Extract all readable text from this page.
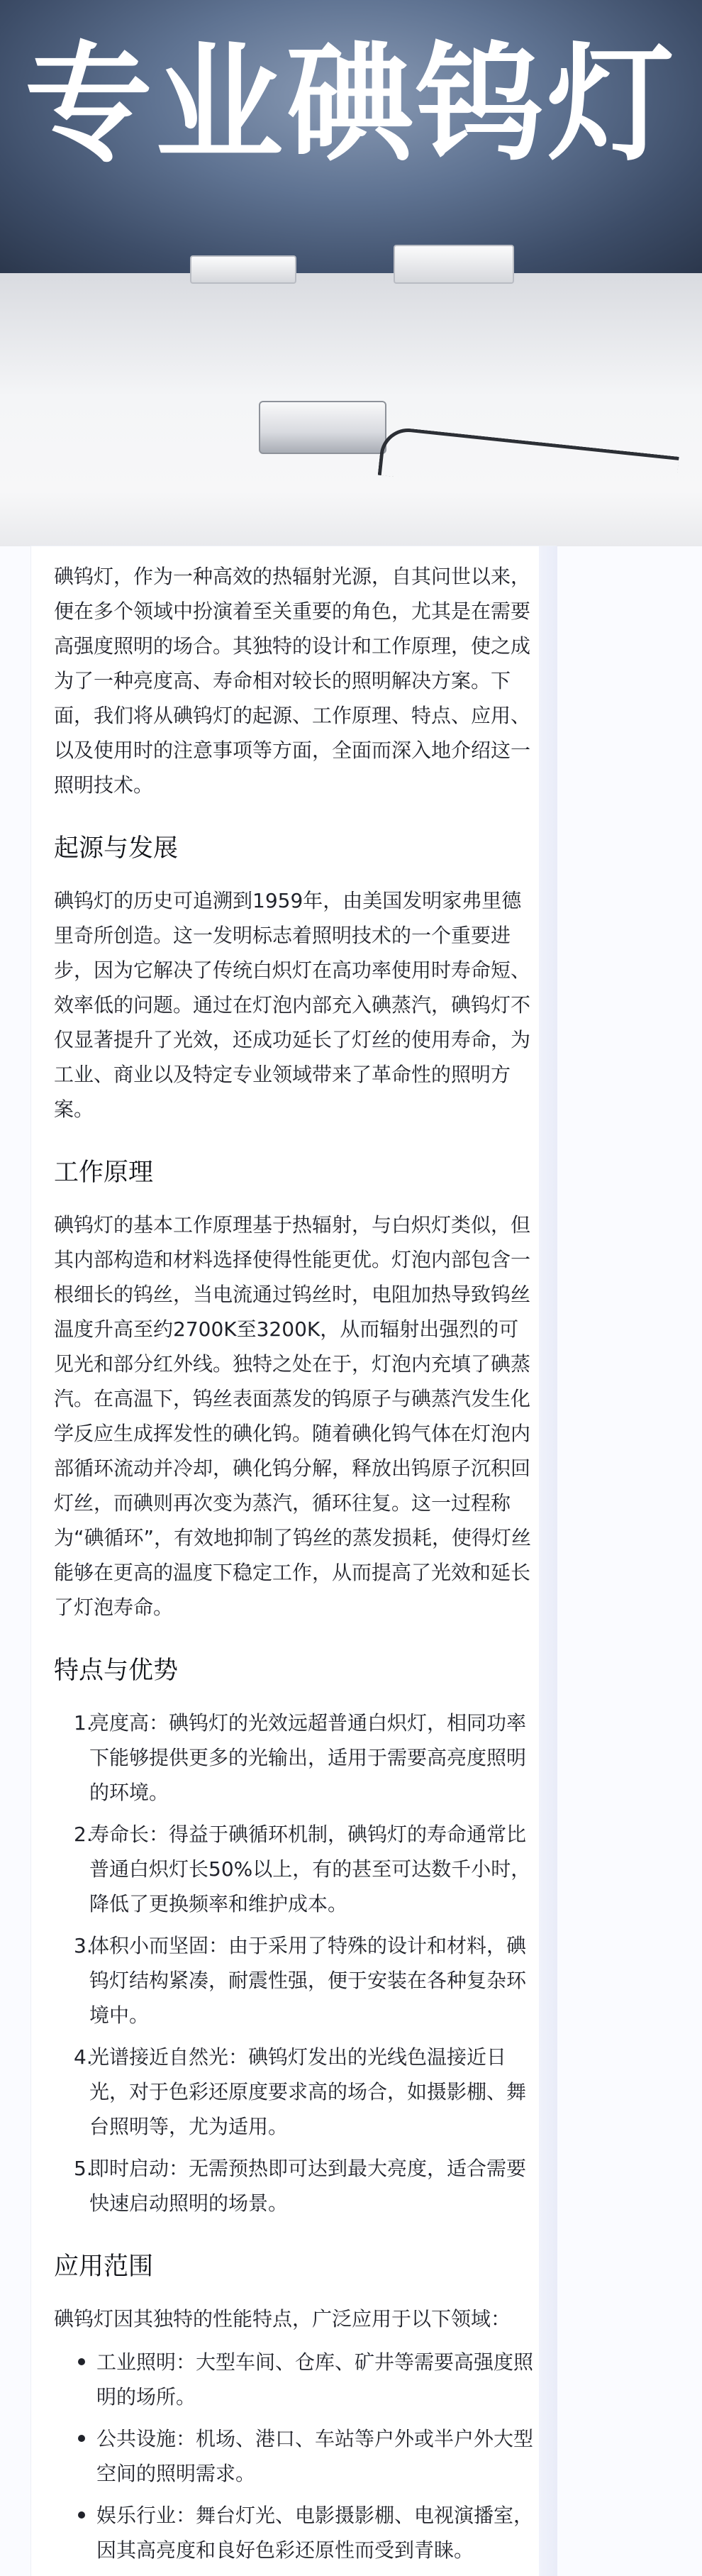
专业碘钨灯

碘钨灯，作为一种高效的热辐射光源，自其问世以来，便在多个领域中扮演着至关重要的角色，尤其是在需要高强度照明的场合。其独特的设计和工作原理，使之成为了一种亮度高、寿命相对较长的照明解决方案。下面，我们将从碘钨灯的起源、工作原理、特点、应用、以及使用时的注意事项等方面，全面而深入地介绍这一照明技术。

起源与发展

碘钨灯的历史可追溯到1959年，由美国发明家弗里德里奇所创造。这一发明标志着照明技术的一个重要进步，因为它解决了传统白炽灯在高功率使用时寿命短、效率低的问题。通过在灯泡内部充入碘蒸汽，碘钨灯不仅显著提升了光效，还成功延长了灯丝的使用寿命，为工业、商业以及特定专业领域带来了革命性的照明方案。

工作原理

碘钨灯的基本工作原理基于热辐射，与白炽灯类似，但其内部构造和材料选择使得性能更优。灯泡内部包含一根细长的钨丝，当电流通过钨丝时，电阻加热导致钨丝温度升高至约2700K至3200K，从而辐射出强烈的可见光和部分红外线。独特之处在于，灯泡内充填了碘蒸汽。在高温下，钨丝表面蒸发的钨原子与碘蒸汽发生化学反应生成挥发性的碘化钨。随着碘化钨气体在灯泡内部循环流动并冷却，碘化钨分解，释放出钨原子沉积回灯丝，而碘则再次变为蒸汽，循环往复。这一过程称为“碘循环”，有效地抑制了钨丝的蒸发损耗，使得灯丝能够在更高的温度下稳定工作，从而提高了光效和延长了灯泡寿命。

特点与优势
1.
亮度高：碘钨灯的光效远超普通白炽灯，相同功率下能够提供更多的光输出，适用于需要高亮度照明的环境。
2.
寿命长：得益于碘循环机制，碘钨灯的寿命通常比普通白炽灯长50%以上，有的甚至可达数千小时，降低了更换频率和维护成本。
3.
体积小而坚固：由于采用了特殊的设计和材料，碘钨灯结构紧凑，耐震性强，便于安装在各种复杂环境中。
4.
光谱接近自然光：碘钨灯发出的光线色温接近日光，对于色彩还原度要求高的场合，如摄影棚、舞台照明等，尤为适用。
5.
即时启动：无需预热即可达到最大亮度，适合需要快速启动照明的场景。
应用范围

碘钨灯因其独特的性能特点，广泛应用于以下领域：

工业照明：大型车间、仓库、矿井等需要高强度照明的场所。
公共设施：机场、港口、车站等户外或半户外大型空间的照明需求。
娱乐行业：舞台灯光、电影摄影棚、电视演播室，因其高亮度和良好色彩还原性而受到青睐。
